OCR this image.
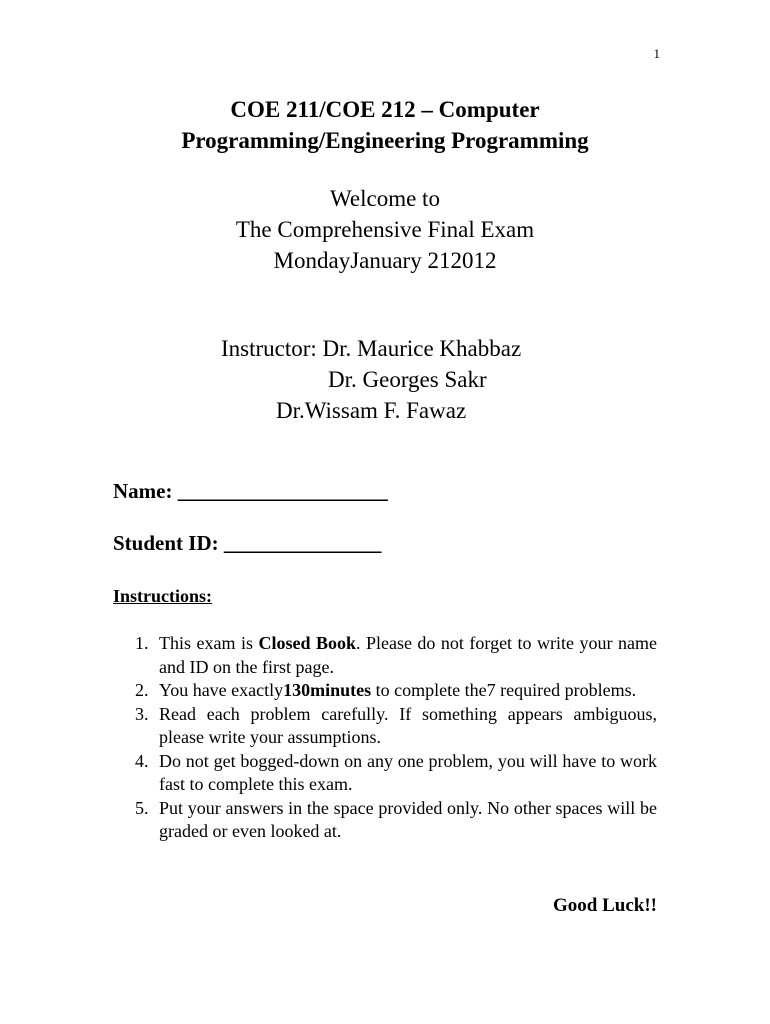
1
COE 211/COE 212 – Computer
Programming/Engineering Programming
Welcome to
The Comprehensive Final Exam
MondayJanuary 212012
Instructor: Dr. Maurice Khabbaz
Dr. Georges Sakr
Dr.Wissam F. Fawaz
Name: ____________________
Student ID: _______________
Instructions:
1. This exam is Closed Book. Please do not forget to write your name and ID on the first page.
2. You have exactly130minutes to complete the7 required problems.
3. Read each problem carefully. If something appears ambiguous, please write your assumptions.
4. Do not get bogged-down on any one problem, you will have to work fast to complete this exam.
5. Put your answers in the space provided only. No other spaces will be graded or even looked at.
Good Luck!!
